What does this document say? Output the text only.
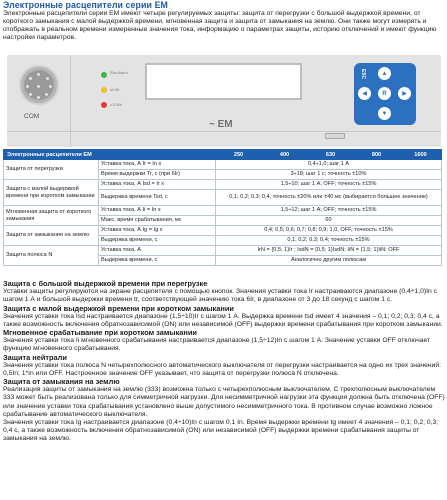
Электронные расцепители серии ЕМ
Электронные расцепители серии ЕМ имеют четыре регулируемых защиты: защита от перегрузки с большой выдержкой времени, от короткого замыкания с малой выдержкой времени, мгновенная защита и защита от замыкания на землю. Они также могут измерять и отображать в реальном времени измеренные значения тока, информацию о параметрах защиты, историю отключений и имеют функцию настройки параметров.
COM
Run Alarm
≥0.9Ir
>1.05Ir
~ EM
▲
◀	R	▶
▼
ESC
Электронные расцепители ЕМ		250	400	630	800	1600
Защита от перегрузки	Уставка тока, А Ir = In x	0,4÷1,0; шаг 1 А				
	Время выдержки Tr, с (при 6Ir)	3÷18; шаг 1 с; точность ±10%				
Защита с малой выдержкой времени при коротком замыкании	Уставка тока, А Isd = Ir x	1,5÷10; шаг 1 A; OFF; точность ±15%				
	Выдержка времени Tsd, с	0,1; 0,2; 0,3; 0,4, точность ±20% или ±40 мс (выбирается большее значение)				
Мгновенная защита от короткого замыкания	Уставка тока, А Ii = In x	1,5÷12; шаг 1 A; OFF; точность ±15%				
	Макс. время срабатывания, мс	60				
Защита от замыкания на землю	Уставка тока, А Ig = Ig x	0,4; 0,5; 0,6; 0,7; 0,8; 0,9; 1,0, OFF, точность ±15%				
	Выдержка времени, с	0,1; 0,2; 0,3; 0,4; точность ±15%				
Защита полюса N	Уставка тока, А	IrN = {0,5; 1}Ir ; IsdN = {0,5; 1}IsdN; IiN = {1,5; 1}IiN; OFF				
	Выдержка времени, с	Аналогично другим полюсам				
Защита с большой выдержкой времени при перегрузке

Уставки защиты регулируются на экране расцепителя с помощью кнопок. Значения уставки тока Ir настраиваются диапазоне (0,4÷1,0)In с шагом 1 А и большой выдержки времени tr, соответствующей значению тока 6Ir, в диапазоне от 3 до 18 секунд с шагом 1 с.

Защита с малой выдержкой времени при коротком замыкании

Значения уставки тока Isd настраивается диапазоне (1,5÷10)Ir с шагом 1 А. Выдержка времени tsd имеет 4 значения – 0,1; 0,2; 0,3; 0,4 с, а также возможность включения обратнозависимой (ON) или независимой (OFF) выдержки времени срабатывания при коротком замыкании.

Мгновенное срабатывание при коротком замыкании

Значения уставки тока Ii мгновенного срабатывания настраивается диапазоне (1,5÷12)In с шагом 1 А. Значение уставки OFF отключает функцию мгновенного срабатывания.

Защита нейтрали

Значения уставки тока полюса N четырехполюсного автоматического выключателя от перегрузки настраивается на одно их трех значений: 0,5In; 1*In или OFF. Настроенное значение OFF указывает, что защита от перегрузки полюса N отключена.

Защита от замыкания на землю

Реализация защиты от замыкания на землю (333) возможна только с четырехполюсным выключателем. С трехполюсным выключателем 333 может быть реализована только для симметричной нагрузки. Для несимметричной нагрузки эта функция должна быть отключена (OFF) или значение уставки тока срабатывания установлено выше допустимого несимметричного тока. В противном случае возможно ложное срабатывание автоматического выключателя.
Значения уставки тока Ig настраивается диапазоне (0,4÷10)In с шагом 0,1 In. Время выдержки времени tg имеет 4 значения – 0,1; 0,2; 0,3; 0,4 с, а также возможность включения обратнозависимой (ON) или независимой (OFF) выдержки времени срабатывания защиты от замыкания на землю.
